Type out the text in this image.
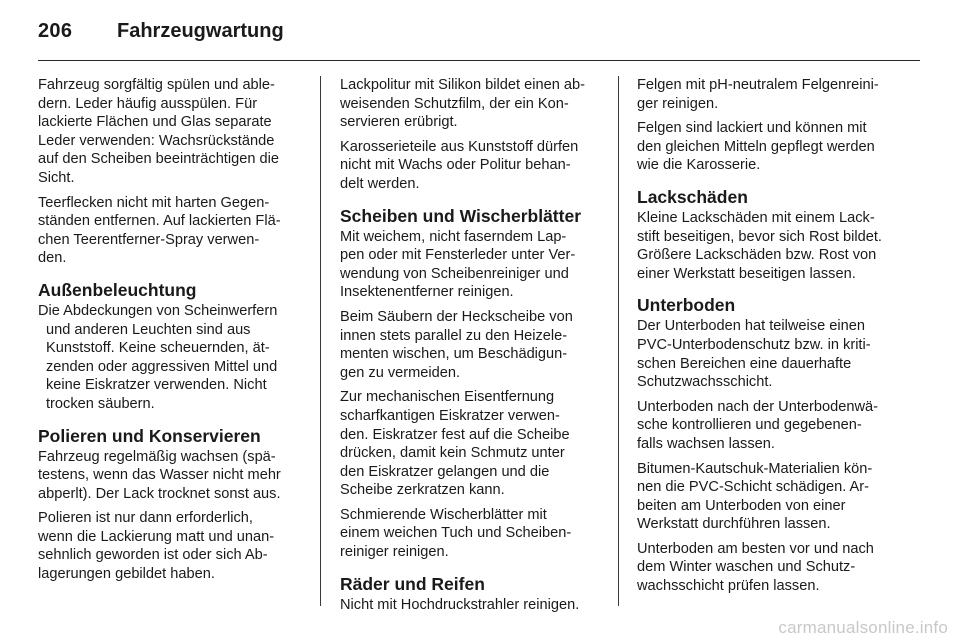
206 Fahrzeugwartung

Fahrzeug sorgfältig spülen und able-
dern. Leder häufig ausspülen. Für
lackierte Flächen und Glas separate
Leder verwenden: Wachsrückstände
auf den Scheiben beeinträchtigen die
Sicht.

Teerflecken nicht mit harten Gegen-
ständen entfernen. Auf lackierten Flä-
chen Teerentferner-Spray verwen-
den.

Außenbeleuchtung

Die Abdeckungen von Scheinwerfern
und anderen Leuchten sind aus
Kunststoff. Keine scheuernden, ät-
zenden oder aggressiven Mittel und
keine Eiskratzer verwenden. Nicht
trocken säubern.

Polieren und Konservieren

Fahrzeug regelmäßig wachsen (spä-
testens, wenn das Wasser nicht mehr
abperlt). Der Lack trocknet sonst aus.

Polieren ist nur dann erforderlich,
wenn die Lackierung matt und unan-
sehnlich geworden ist oder sich Ab-
lagerungen gebildet haben.

Lackpolitur mit Silikon bildet einen ab-
weisenden Schutzfilm, der ein Kon-
servieren erübrigt.

Karosserieteile aus Kunststoff dürfen
nicht mit Wachs oder Politur behan-
delt werden.

Scheiben und Wischerblätter

Mit weichem, nicht faserndem Lap-
pen oder mit Fensterleder unter Ver-
wendung von Scheibenreiniger und
Insektenentferner reinigen.

Beim Säubern der Heckscheibe von
innen stets parallel zu den Heizele-
menten wischen, um Beschädigun-
gen zu vermeiden.

Zur mechanischen Eisentfernung
scharfkantigen Eiskratzer verwen-
den. Eiskratzer fest auf die Scheibe
drücken, damit kein Schmutz unter
den Eiskratzer gelangen und die
Scheibe zerkratzen kann.

Schmierende Wischerblätter mit
einem weichen Tuch und Scheiben-
reiniger reinigen.

Räder und Reifen

Nicht mit Hochdruckstrahler reinigen.

Felgen mit pH-neutralem Felgenreini-
ger reinigen.

Felgen sind lackiert und können mit
den gleichen Mitteln gepflegt werden
wie die Karosserie.

Lackschäden

Kleine Lackschäden mit einem Lack-
stift beseitigen, bevor sich Rost bildet.
Größere Lackschäden bzw. Rost von
einer Werkstatt beseitigen lassen.

Unterboden

Der Unterboden hat teilweise einen
PVC-Unterbodenschutz bzw. in kriti-
schen Bereichen eine dauerhafte
Schutzwachsschicht.

Unterboden nach der Unterbodenwä-
sche kontrollieren und gegebenen-
falls wachsen lassen.

Bitumen-Kautschuk-Materialien kön-
nen die PVC-Schicht schädigen. Ar-
beiten am Unterboden von einer
Werkstatt durchführen lassen.

Unterboden am besten vor und nach
dem Winter waschen und Schutz-
wachsschicht prüfen lassen.

carmanualsonline.info
